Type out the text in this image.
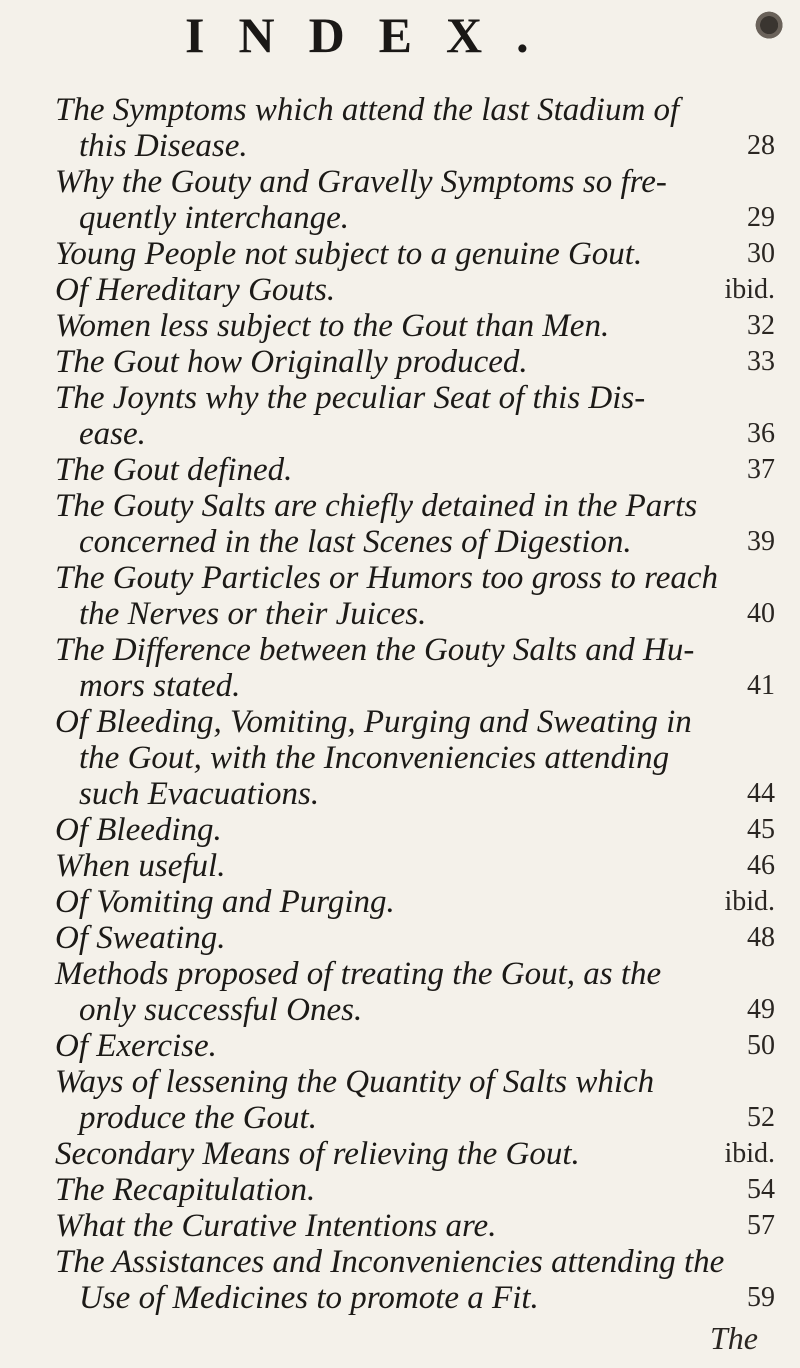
INDEX.
The Symptoms which attend the last Stadium of
this Disease.	28
Why the Gouty and Gravelly Symptoms so fre-
quently interchange.	29
Young People not subject to a genuine Gout.	30
Of Hereditary Gouts.	ibid.
Women less subject to the Gout than Men.	32
The Gout how Originally produced.	33
The Joynts why the peculiar Seat of this Dis-
ease.	36
The Gout defined.	37
The Gouty Salts are chiefly detained in the Parts
concerned in the last Scenes of Digestion.	39
The Gouty Particles or Humors too gross to reach
the Nerves or their Juices.	40
The Difference between the Gouty Salts and Hu-
mors stated.	41
Of Bleeding, Vomiting, Purging and Sweating in
the Gout, with the Inconveniencies attending
such Evacuations.	44
Of Bleeding.	45
When useful.	46
Of Vomiting and Purging.	ibid.
Of Sweating.	48
Methods proposed of treating the Gout, as the
only successful Ones.	49
Of Exercise.	50
Ways of lessening the Quantity of Salts which
produce the Gout.	52
Secondary Means of relieving the Gout.	ibid.
The Recapitulation.	54
What the Curative Intentions are.	57
The Assistances and Inconveniencies attending the
Use of Medicines to promote a Fit.	59
The
